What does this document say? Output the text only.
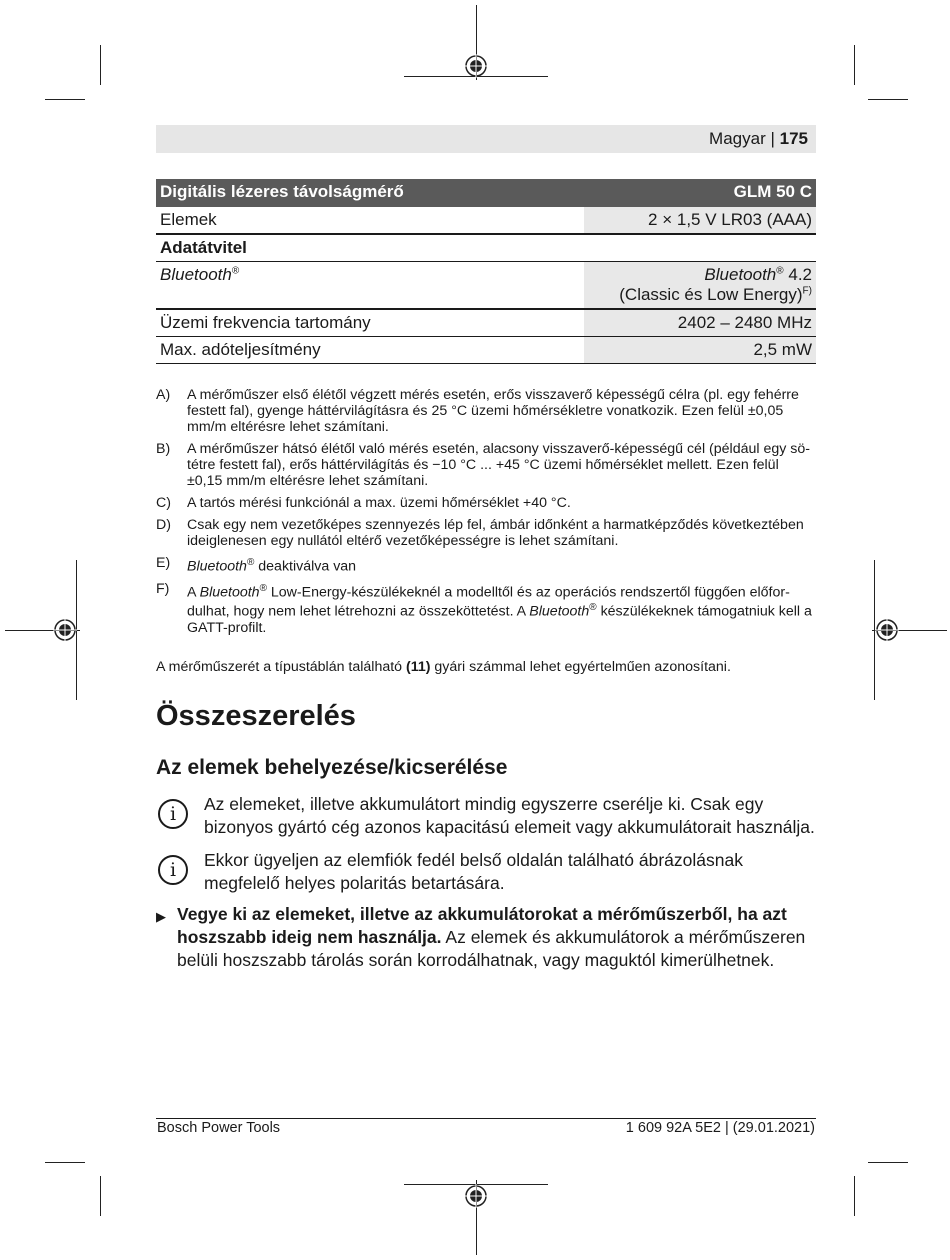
Magyar | 175
Digitális lézeres távolságmérő	GLM 50 C
Elemek	2 × 1,5 V LR03 (AAA)
Adatátvitel	
Bluetooth®	Bluetooth® 4.2
(Classic és Low Energy)$^{F)}$
Üzemi frekvencia tartomány	2402 – 2480 MHz
Max. adóteljesítmény	2,5 mW
A)	A mérőműszer első élétől végzett mérés esetén, erős visszaverő képességű célra (pl. egy fehérre festett fal), gyenge háttérvilágításra és 25 °C üzemi hőmérsékletre vonatkozik. Ezen felül ±0,05 mm/m eltérésre lehet számítani.
B)	A mérőműszer hátsó élétől való mérés esetén, alacsony visszaverő-képességű cél (például egy sötétre festett fal), erős háttérvilágítás és −10 °C ... +45 °C üzemi hőmérséklet mellett. Ezen felül ±0,15 mm/m eltérésre lehet számítani.
C)	A tartós mérési funkciónál a max. üzemi hőmérséklet +40 °C.
D)	Csak egy nem vezetőképes szennyezés lép fel, ámbár időnként a harmatképződés következtében ideiglenesen egy nullától eltérő vezetőképességre is lehet számítani.
E)	Bluetooth® deaktiválva van
F)	A Bluetooth® Low-Energy-készülékeknél a modelltől és az operációs rendszertől függően előfordulhat, hogy nem lehet létrehozni az összeköttetést. A Bluetooth® készülékeknek támogatniuk kell a GATT-profilt.
A mérőműszerét a típustáblán található (11) gyári számmal lehet egyértelműen azonosítani.
Összeszerelés
Az elemek behelyezése/kicserélése
i	Az elemeket, illetve akkumulátort mindig egyszerre cserélje ki. Csak egy bizonyos gyártó cég azonos kapacitású elemeit vagy akkumulátorait használja.
i	Ekkor ügyeljen az elemfiók fedél belső oldalán található ábrázolásnak megfelelő helyes polaritás betartására.
▶ Vegye ki az elemeket, illetve az akkumulátorokat a mérőműszerből, ha azt hoszszabb ideig nem használja. Az elemek és akkumulátorok a mérőműszeren belüli hoszszabb tárolás során korrodálhatnak, vagy maguktól kimerülhetnek.
Bosch Power Tools	1 609 92A 5E2 | (29.01.2021)
